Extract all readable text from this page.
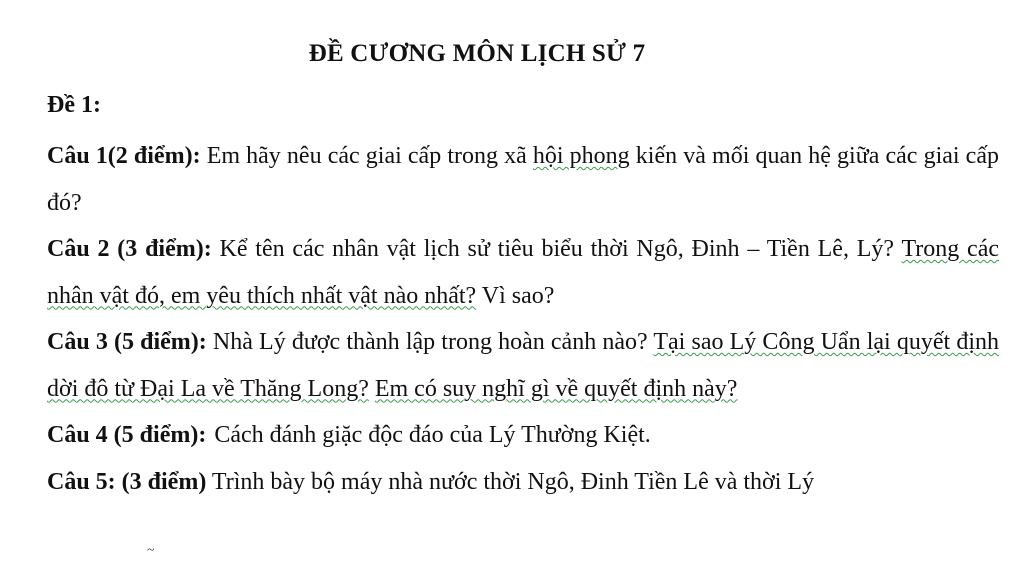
ĐỀ CƯƠNG MÔN LỊCH SỬ 7
Đề 1:

Câu 1(2 điểm): Em hãy nêu các giai cấp trong xã hội phong kiến và mối quan hệ giữa các giai cấp đó?

Câu 2 (3 điểm): Kể tên các nhân vật lịch sử tiêu biểu thời Ngô, Đinh – Tiền Lê, Lý? Trong các nhân vật đó, em yêu thích nhất vật nào nhất? Vì sao?

Câu 3 (5 điểm): Nhà Lý được thành lập trong hoàn cảnh nào? Tại sao Lý Công Uẩn lại quyết định dời đô từ Đại La về Thăng Long? Em có suy nghĩ gì về quyết định này?

Câu 4 (5 điểm): Cách đánh giặc độc đáo của Lý Thường Kiệt.

Câu 5: (3 điểm) Trình bày bộ máy nhà nước thời Ngô, Đinh Tiền Lê và thời Lý

~
